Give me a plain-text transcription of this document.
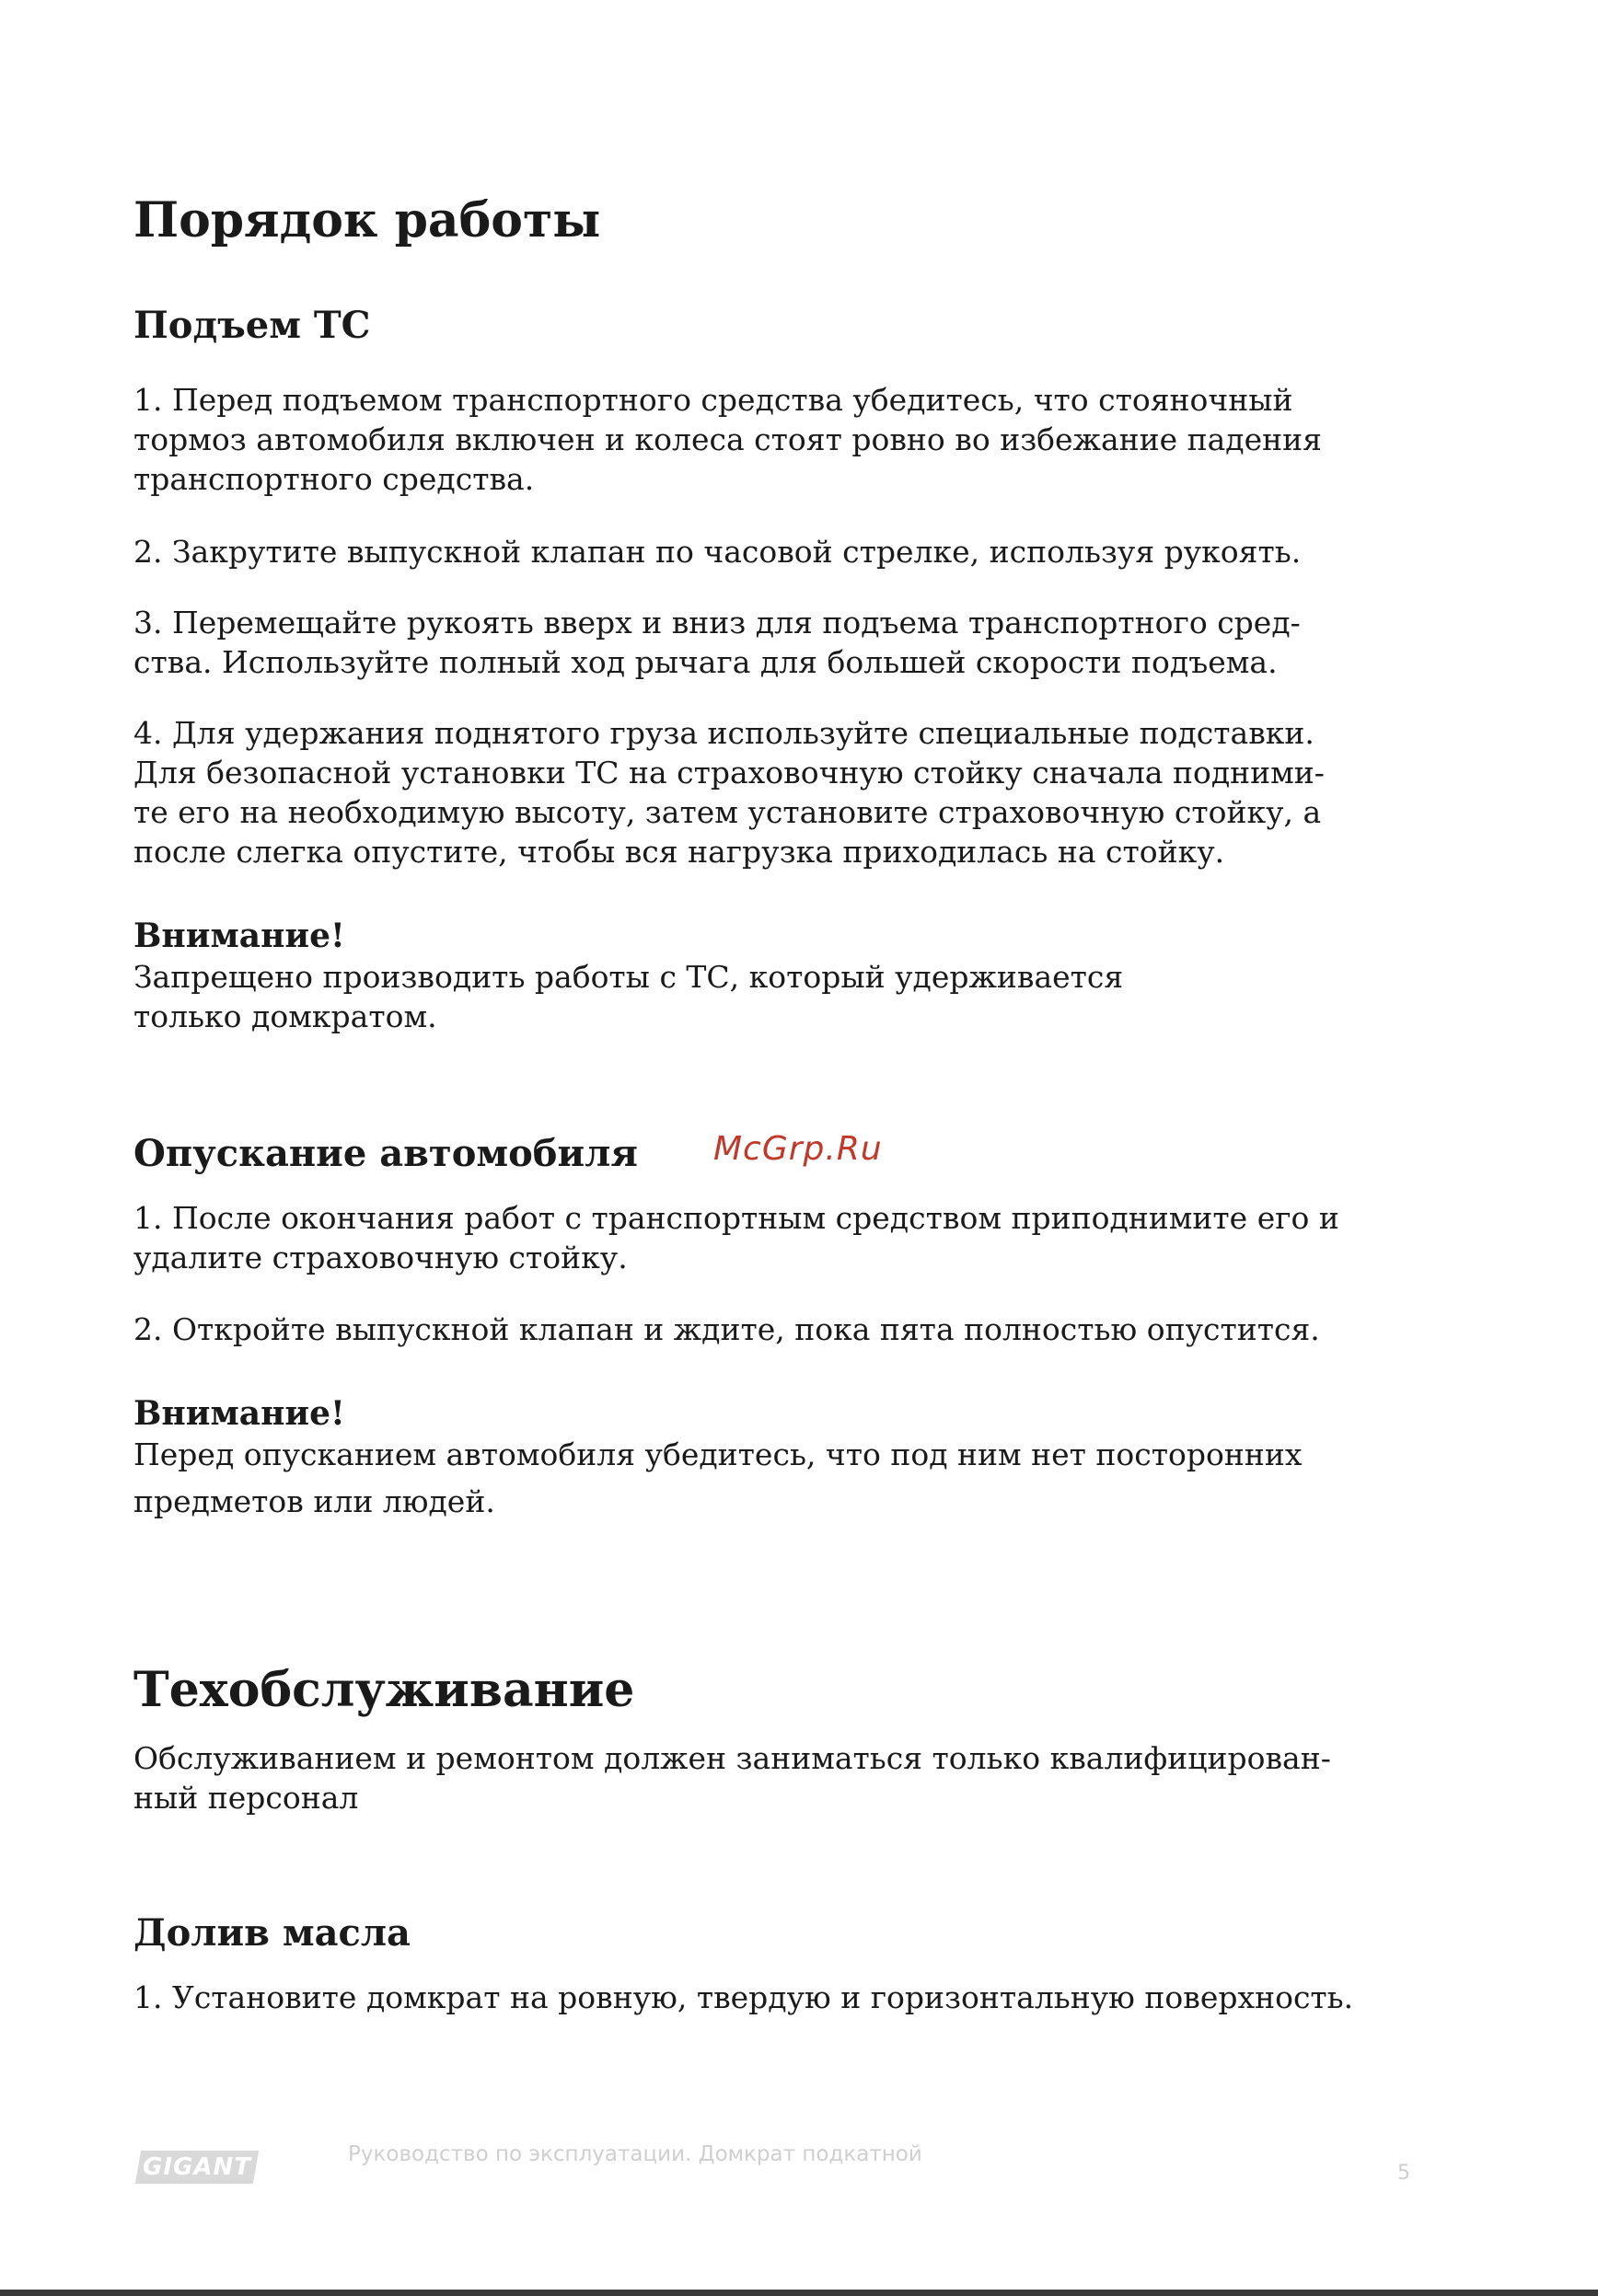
Порядок работы
Подъем ТС

1. Перед подъемом транспортного средства убедитесь, что стояночный
тормоз автомобиля включен и колеса стоят ровно во избежание падения
транспортного средства.

2. Закрутите выпускной клапан по часовой стрелке, используя рукоять.

3. Перемещайте рукоять вверх и вниз для подъема транспортного сред-
ства. Используйте полный ход рычага для большей скорости подъема.

4. Для удержания поднятого груза используйте специальные подставки.
Для безопасной установки ТС на страховочную стойку сначала подними-
те его на необходимую высоту, затем установите страховочную стойку, а
после слегка опустите, чтобы вся нагрузка приходилась на стойку.

Внимание!
Запрещено производить работы с ТС, который удерживается
только домкратом.

Опускание автомобиля

1. После окончания работ с транспортным средством приподнимите его и
удалите страховочную стойку.

2. Откройте выпускной клапан и ждите, пока пята полностью опустится.

Внимание!
Перед опусканием автомобиля убедитесь, что под ним нет посторонних
предметов или людей.

Техобслуживание

Обслуживанием и ремонтом должен заниматься только квалифицирован-
ный персонал

Долив масла

1. Установите домкрат на ровную, твердую и горизонтальную поверхность.

McGrp.Ru
GIGANT	Руководство по эксплуатации. Домкрат подкатной
5
